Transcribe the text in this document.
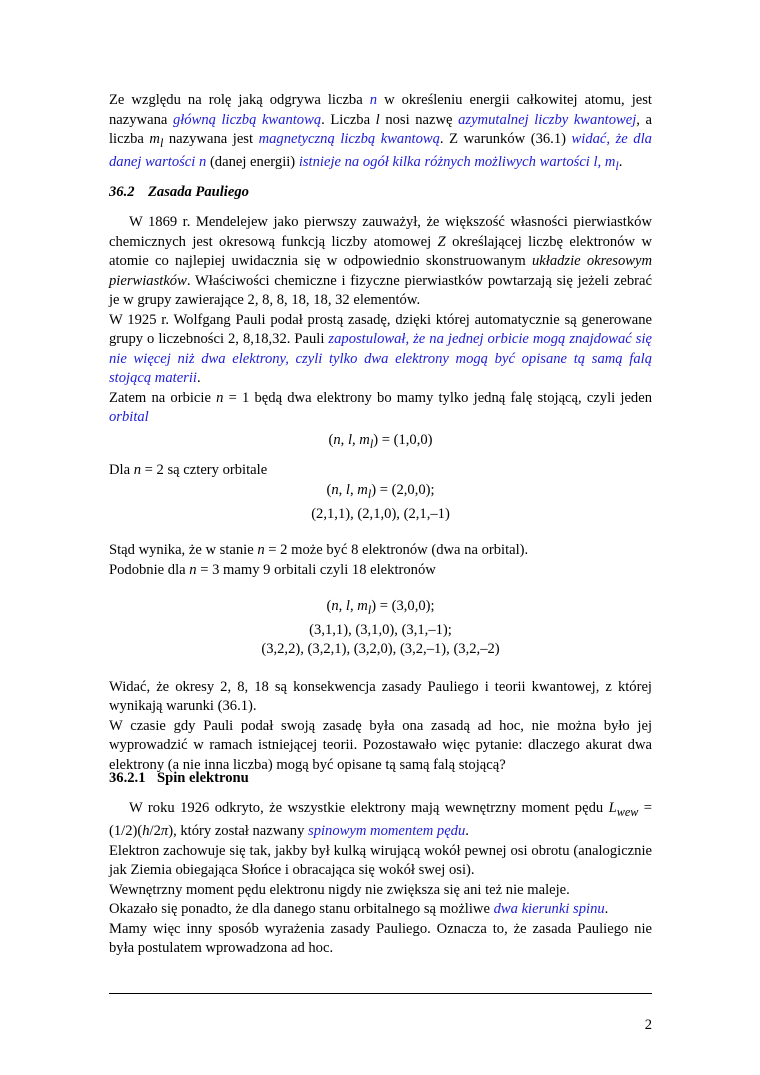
Ze względu na rolę jaką odgrywa liczba n w określeniu energii całkowitej atomu, jest nazywana główną liczbą kwantową. Liczba l nosi nazwę azymutalnej liczby kwantowej, a liczba $m_l$ nazywana jest magnetyczną liczbą kwantową. Z warunków (36.1) widać, że dla danej wartości n (danej energii) istnieje na ogół kilka różnych możliwych wartości l, $m_l$.

36.2 Zasada Pauliego

W 1869 r. Mendelejew jako pierwszy zauważył, że większość własności pierwiastków chemicznych jest okresową funkcją liczby atomowej Z określającej liczbę elektronów w atomie co najlepiej uwidacznia się w odpowiednio skonstruowanym układzie okresowym pierwiastków. Właściwości chemiczne i fizyczne pierwiastków powtarzają się jeżeli zebrać je w grupy zawierające 2, 8, 8, 18, 18, 32 elementów.

W 1925 r. Wolfgang Pauli podał prostą zasadę, dzięki której automatycznie są generowane grupy o liczebności 2, 8,18,32. Pauli zapostulował, że na jednej orbicie mogą znajdować się nie więcej niż dwa elektrony, czyli tylko dwa elektrony mogą być opisane tą samą falą stojącą materii.

Zatem na orbicie n = 1 będą dwa elektrony bo mamy tylko jedną falę stojącą, czyli jeden orbital

(n, l, $m_l) = (1,0,0)$

Dla n = 2 są cztery orbitale

(n, l, $m_l) = (2,0,0)$;

(2,1,1), (2,1,0), (2,1,–1)

Stąd wynika, że w stanie n = 2 może być 8 elektronów (dwa na orbital).

Podobnie dla n = 3 mamy 9 orbitali czyli 18 elektronów

(n, l, $m_l) = (3,0,0)$;

(3,1,1), (3,1,0), (3,1,–1);

(3,2,2), (3,2,1), (3,2,0), (3,2,–1), (3,2,–2)

Widać, że okresy 2, 8, 18 są konsekwencja zasady Pauliego i teorii kwantowej, z której wynikają warunki (36.1).

W czasie gdy Pauli podał swoją zasadę była ona zasadą ad hoc, nie można było jej wyprowadzić w ramach istniejącej teorii. Pozostawało więc pytanie: dlaczego akurat dwa elektrony (a nie inna liczba) mogą być opisane tą samą falą stojącą?

36.2.1 Spin elektronu

W roku 1926 odkryto, że wszystkie elektrony mają wewnętrzny moment pędu $L_{wew} = (1/2)(h/2\pi)$, który został nazwany spinowym momentem pędu.

Elektron zachowuje się tak, jakby był kulką wirującą wokół pewnej osi obrotu (analogicznie jak Ziemia obiegająca Słońce i obracająca się wokół swej osi).

Wewnętrzny moment pędu elektronu nigdy nie zwiększa się ani też nie maleje.

Okazało się ponadto, że dla danego stanu orbitalnego są możliwe dwa kierunki spinu.

Mamy więc inny sposób wyrażenia zasady Pauliego. Oznacza to, że zasada Pauliego nie była postulatem wprowadzona ad hoc.

2
